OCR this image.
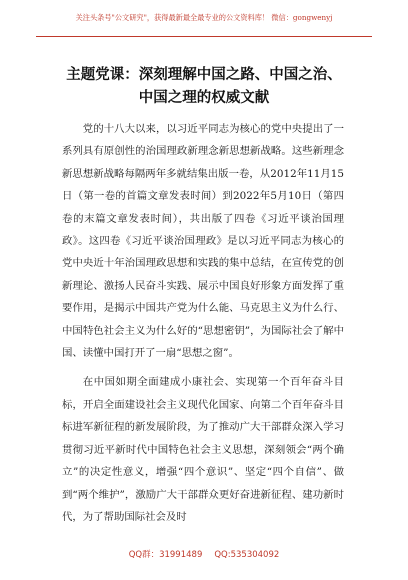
关注头条号"公文研究"，获得最新最全最专业的公文资料库！ 微信：gongwenyj
主题党课：深刻理解中国之路、中国之治、
中国之理的权威文献

党的十八大以来，以习近平同志为核心的党中央提出了一系列具有原创性的治国理政新理念新思想新战略。这些新理念新思想新战略每隔两年多就结集出版一卷，从2012年11月15日（第一卷的首篇文章发表时间）到2022年5月10日（第四卷的末篇文章发表时间），共出版了四卷《习近平谈治国理政》。这四卷《习近平谈治国理政》是以习近平同志为核心的党中央近十年治国理政思想和实践的集中总结，在宣传党的创新理论、激扬人民奋斗实践、展示中国良好形象方面发挥了重要作用，是揭示中国共产党为什么能、马克思主义为什么行、中国特色社会主义为什么好的“思想密钥”，为国际社会了解中国、读懂中国打开了一扇“思想之窗”。

在中国如期全面建成小康社会、实现第一个百年奋斗目标，开启全面建设社会主义现代化国家、向第二个百年奋斗目标进军新征程的新发展阶段，为了推动广大干部群众深入学习贯彻习近平新时代中国特色社会主义思想，深刻领会“两个确立”的决定性意义，增强“四个意识”、坚定“四个自信”、做到“两个维护”，激励广大干部群众更好奋进新征程、建功新时代，为了帮助国际社会及时

QQ群：31991489 QQ:535304092
